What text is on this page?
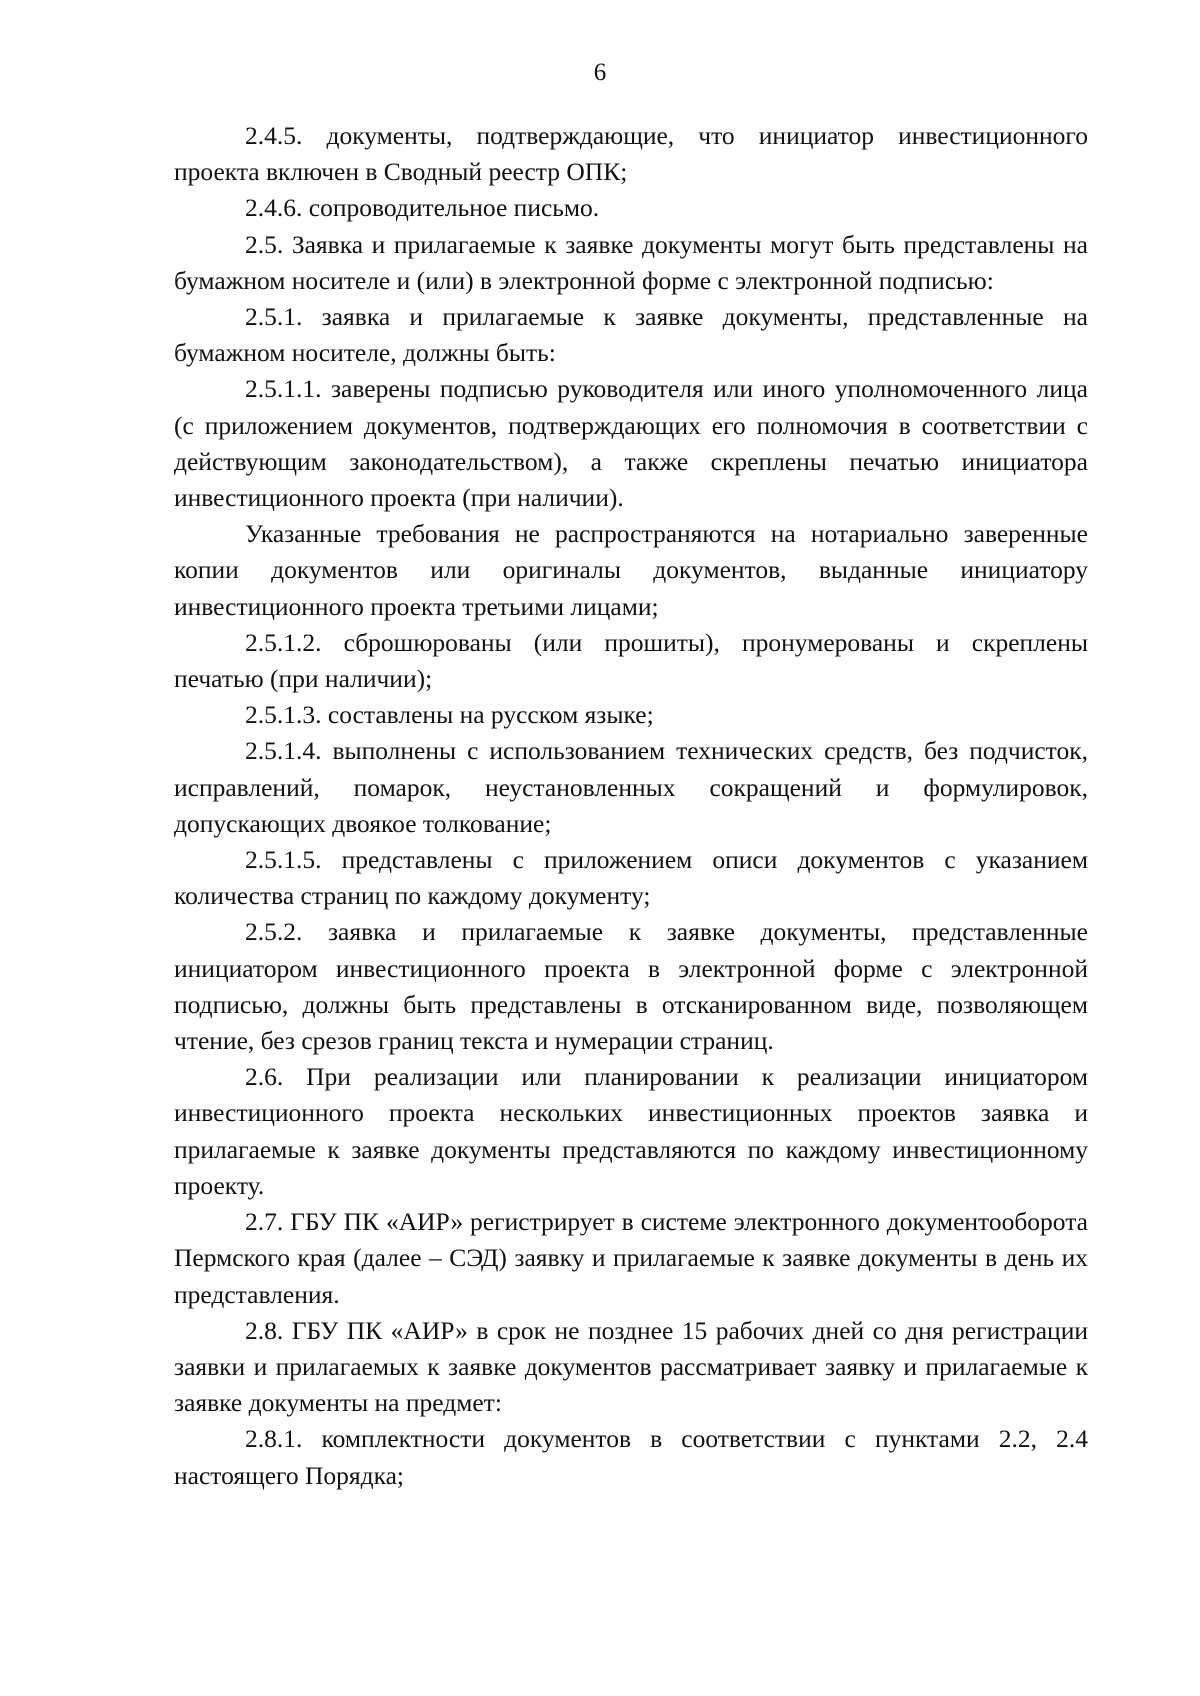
6

2.4.5. документы, подтверждающие, что инициатор инвестиционного проекта включен в Сводный реестр ОПК;

2.4.6. сопроводительное письмо.

2.5. Заявка и прилагаемые к заявке документы могут быть представлены на бумажном носителе и (или) в электронной форме с электронной подписью:

2.5.1. заявка и прилагаемые к заявке документы, представленные на бумажном носителе, должны быть:

2.5.1.1. заверены подписью руководителя или иного уполномоченного лица (с приложением документов, подтверждающих его полномочия в соответствии с действующим законодательством), а также скреплены печатью инициатора инвестиционного проекта (при наличии).

Указанные требования не распространяются на нотариально заверенные копии документов или оригиналы документов, выданные инициатору инвестиционного проекта третьими лицами;

2.5.1.2. сброшюрованы (или прошиты), пронумерованы и скреплены печатью (при наличии);

2.5.1.3. составлены на русском языке;

2.5.1.4. выполнены с использованием технических средств, без подчисток, исправлений, помарок, неустановленных сокращений и формулировок, допускающих двоякое толкование;

2.5.1.5. представлены с приложением описи документов с указанием количества страниц по каждому документу;

2.5.2. заявка и прилагаемые к заявке документы, представленные инициатором инвестиционного проекта в электронной форме с электронной подписью, должны быть представлены в отсканированном виде, позволяющем чтение, без срезов границ текста и нумерации страниц.

2.6. При реализации или планировании к реализации инициатором инвестиционного проекта нескольких инвестиционных проектов заявка и прилагаемые к заявке документы представляются по каждому инвестиционному проекту.

2.7. ГБУ ПК «АИР» регистрирует в системе электронного документооборота Пермского края (далее – СЭД) заявку и прилагаемые к заявке документы в день их представления.

2.8. ГБУ ПК «АИР» в срок не позднее 15 рабочих дней со дня регистрации заявки и прилагаемых к заявке документов рассматривает заявку и прилагаемые к заявке документы на предмет:

2.8.1. комплектности документов в соответствии с пунктами 2.2, 2.4 настоящего Порядка;
